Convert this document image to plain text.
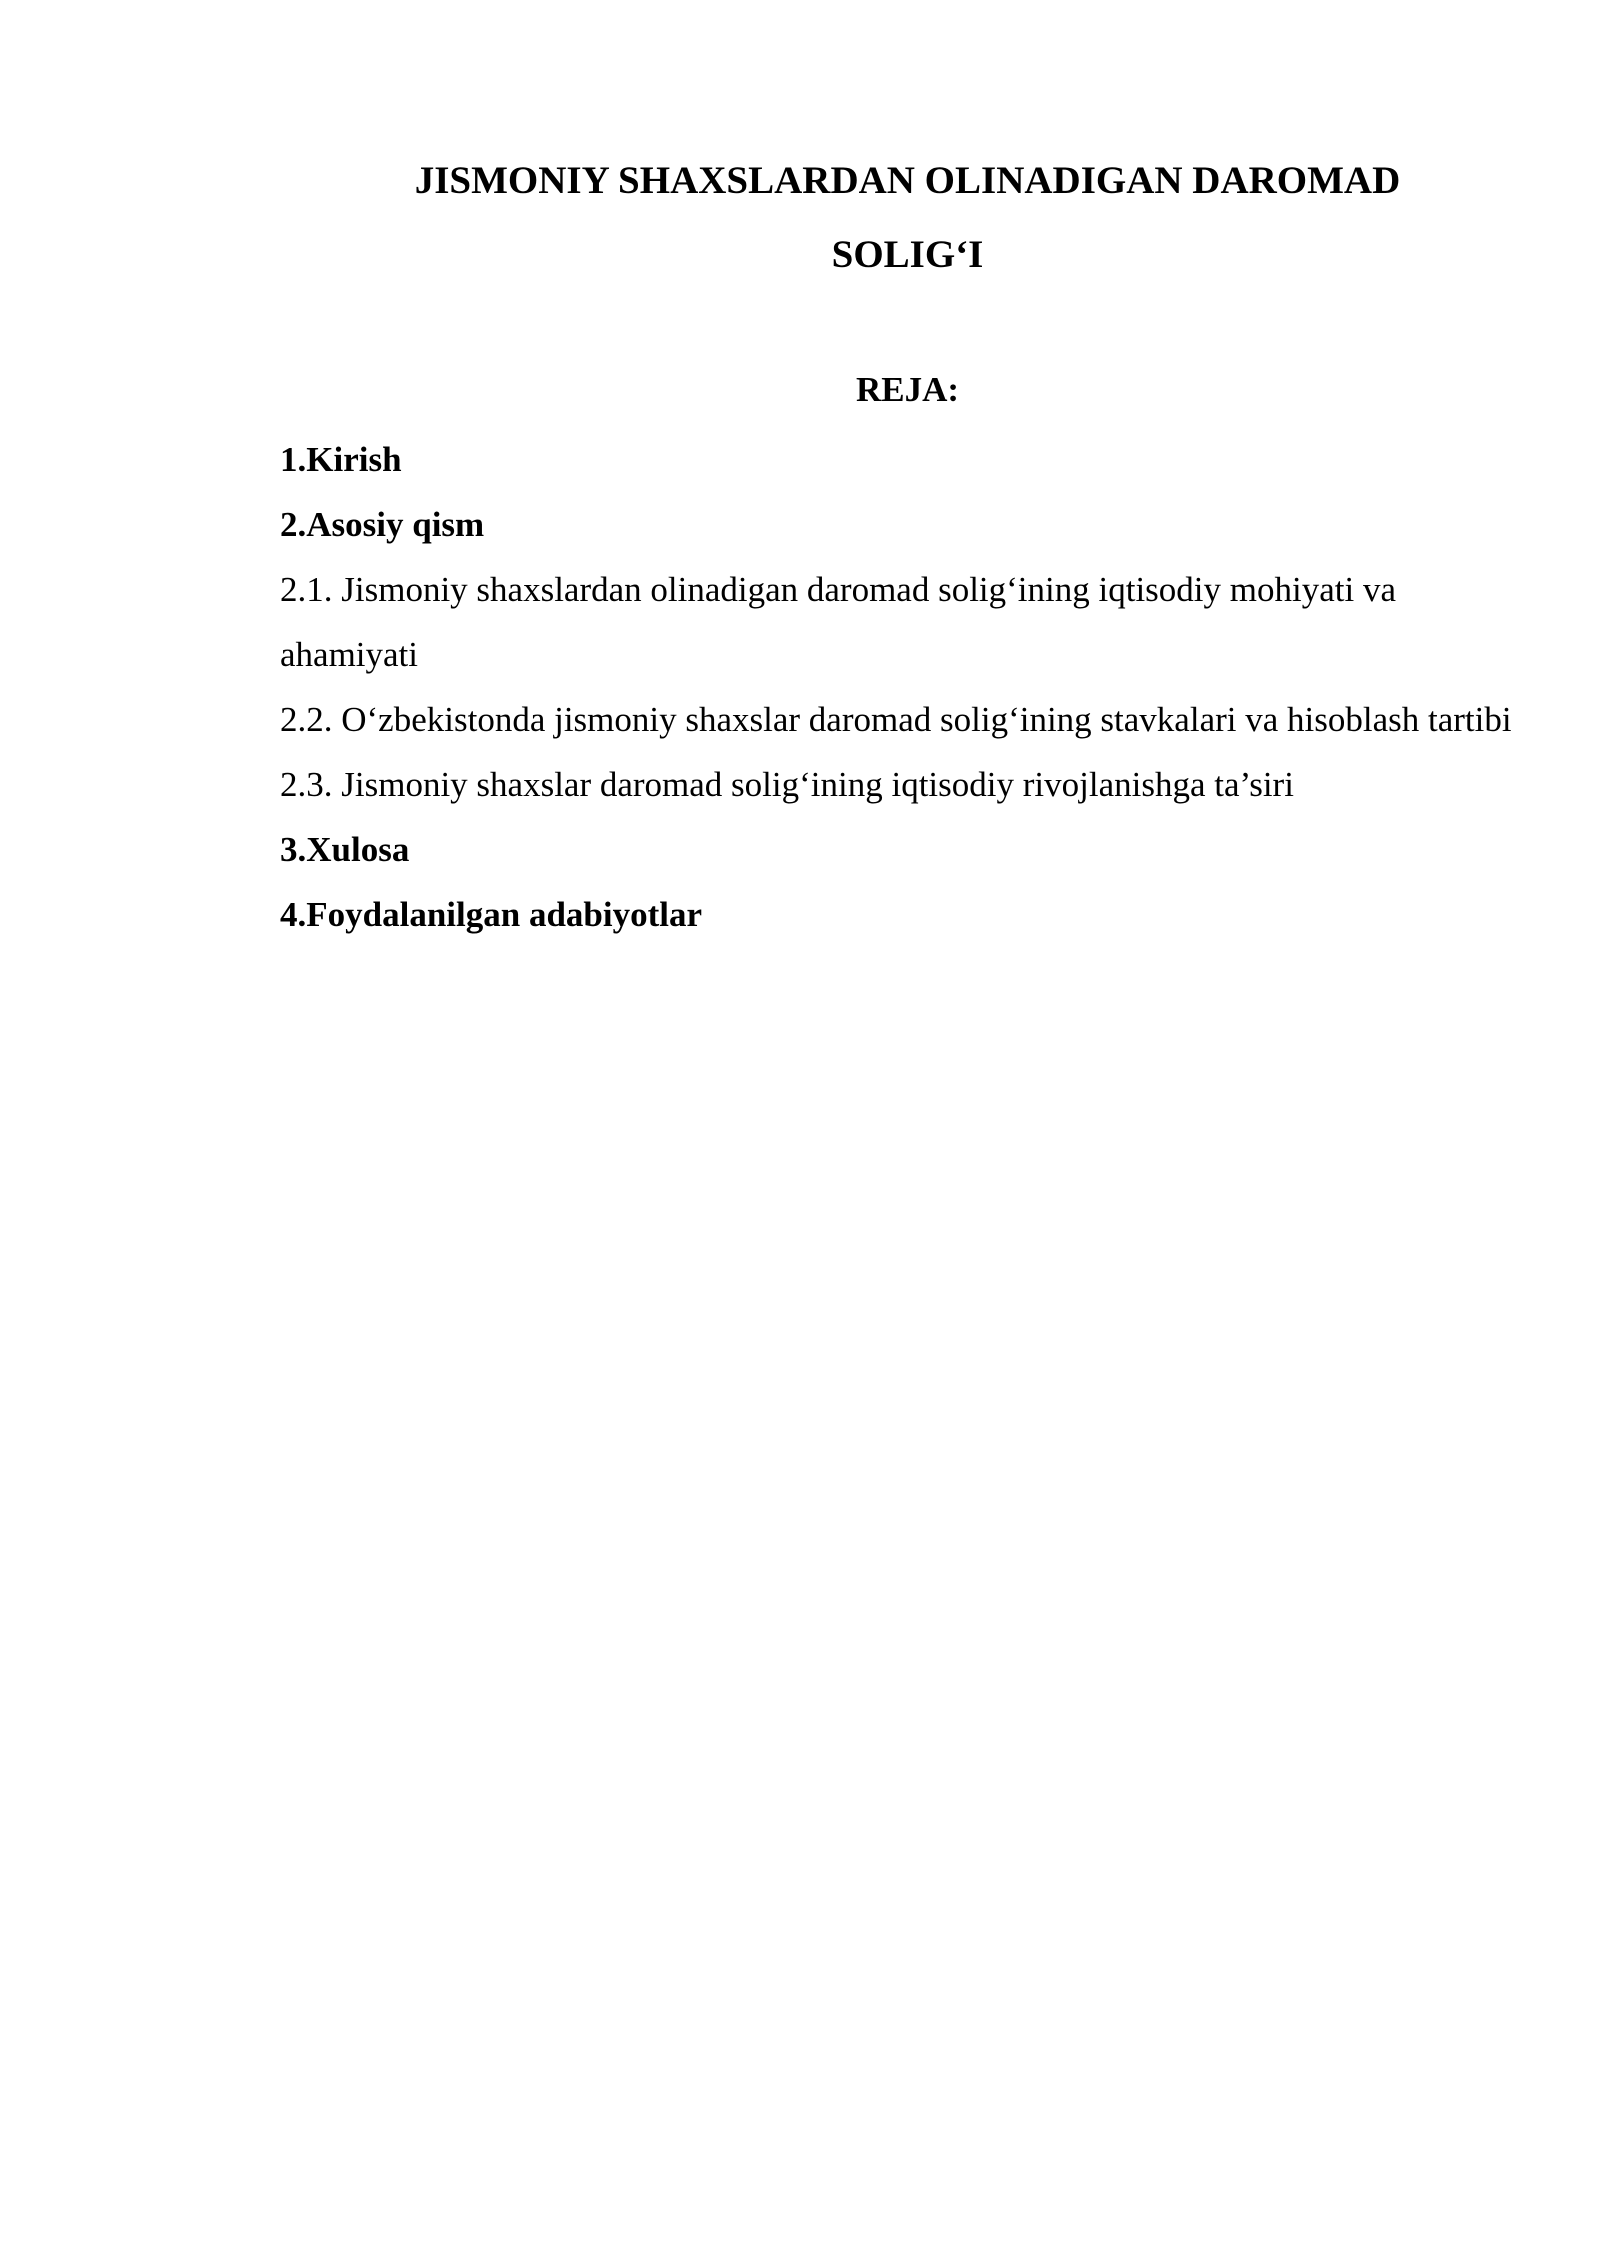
JISMONIY SHAXSLARDAN OLINADIGAN DAROMAD
SOLIG‘I
REJA:
1.Kirish
2.Asosiy qism
2.1. Jismoniy shaxslardan olinadigan daromad solig‘ining iqtisodiy mohiyati va ahamiyati
2.2. O‘zbekistonda jismoniy shaxslar daromad solig‘ining stavkalari va hisoblash tartibi
2.3. Jismoniy shaxslar daromad solig‘ining iqtisodiy rivojlanishga ta’siri
3.Xulosa
4.Foydalanilgan adabiyotlar
